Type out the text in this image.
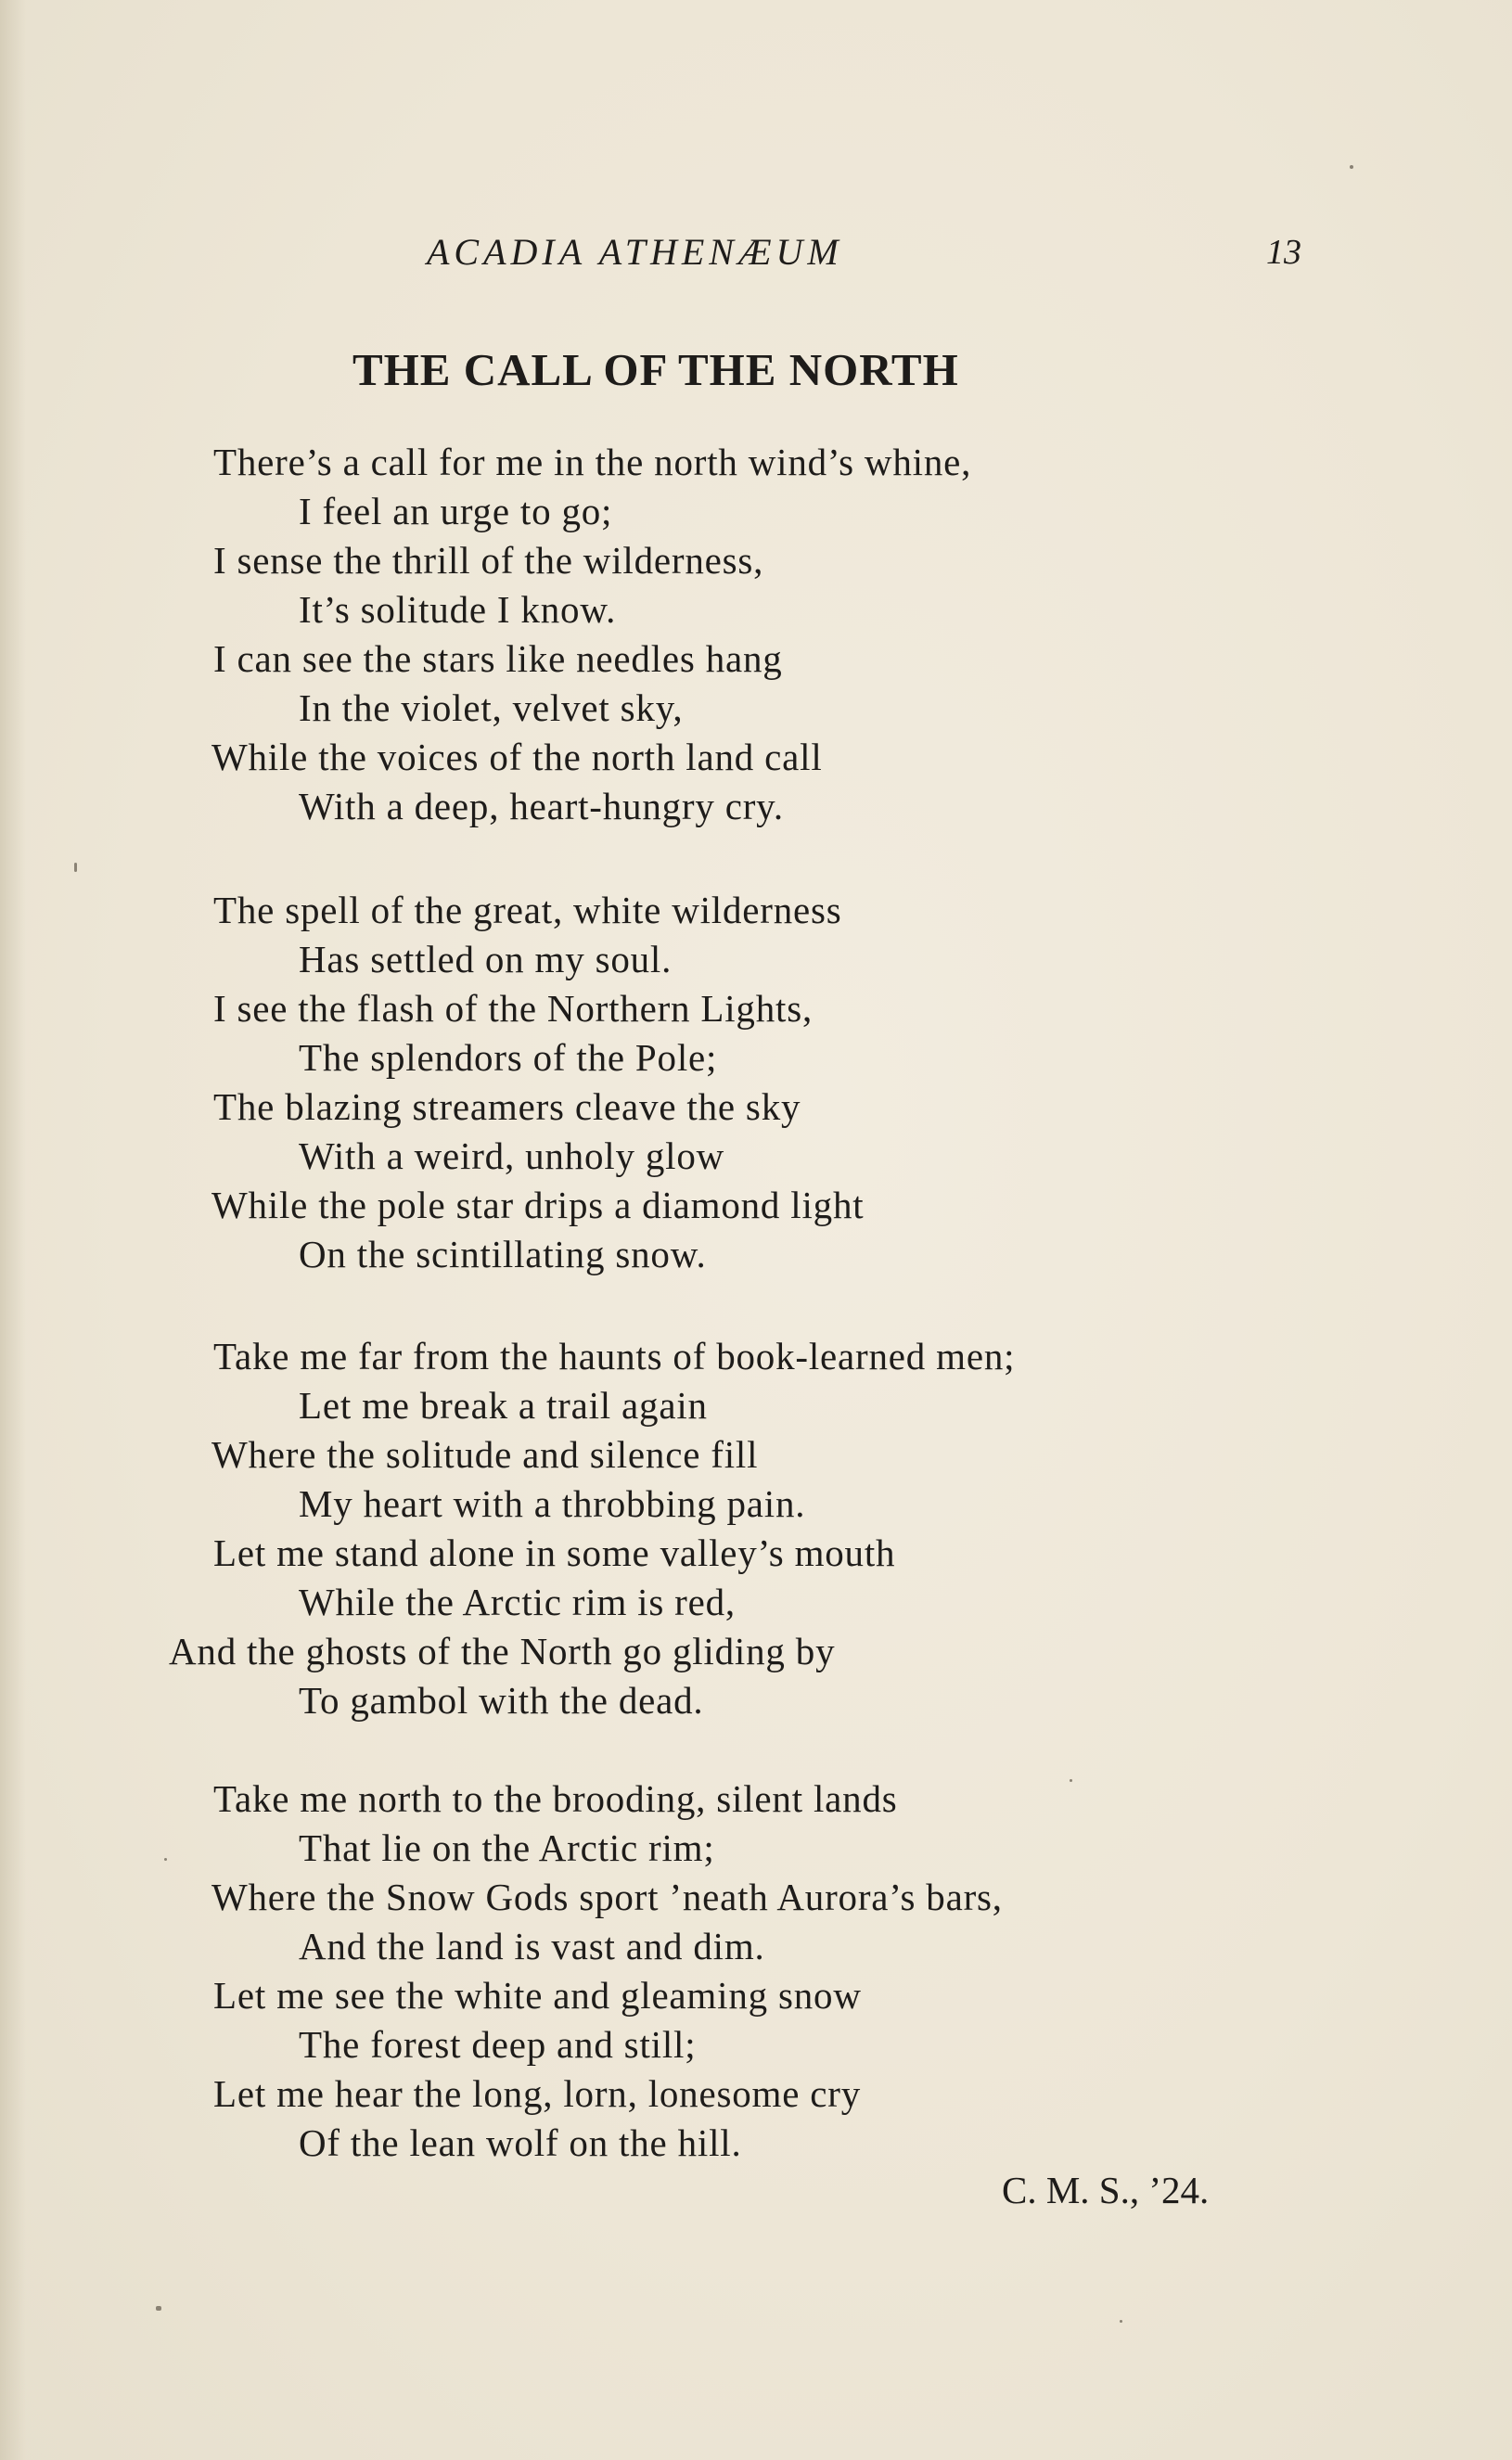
ACADIA ATHENÆUM	13
THE CALL OF THE NORTH
There’s a call for me in the north wind’s whine,
I feel an urge to go;
I sense the thrill of the wilderness,
It’s solitude I know.
I can see the stars like needles hang
In the violet, velvet sky,
While the voices of the north land call
With a deep, heart-hungry cry.
The spell of the great, white wilderness
Has settled on my soul.
I see the flash of the Northern Lights,
The splendors of the Pole;
The blazing streamers cleave the sky
With a weird, unholy glow
While the pole star drips a diamond light
On the scintillating snow.
Take me far from the haunts of book-learned men;
Let me break a trail again
Where the solitude and silence fill
My heart with a throbbing pain.
Let me stand alone in some valley’s mouth
While the Arctic rim is red,
And the ghosts of the North go gliding by
To gambol with the dead.
Take me north to the brooding, silent lands
That lie on the Arctic rim;
Where the Snow Gods sport ’neath Aurora’s bars,
And the land is vast and dim.
Let me see the white and gleaming snow
The forest deep and still;
Let me hear the long, lorn, lonesome cry
Of the lean wolf on the hill.
C. M. S., ’24.
